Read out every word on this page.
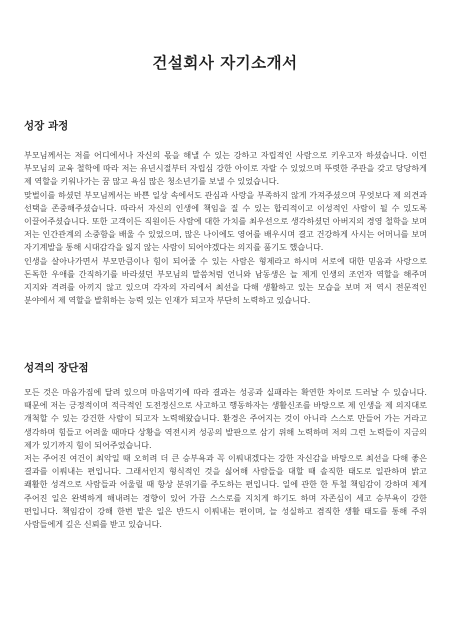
건설회사 자기소개서
성장 과정

부모님께서는 저를 어디에서나 자신의 몫을 해낼 수 있는 강하고 자립적인 사람으로 키우고자 하셨습니다. 이런 부모님의 교육 철학에 따라 저는 유년시절부터 자립심 강한 아이로 자랄 수 있었으며 뚜렷한 주관을 갖고 당당하게 제 역할을 키워나가는 꿈 많고 욕심 많은 청소년기를 보낼 수 있었습니다.

맞벌이를 하셨던 부모님께서는 바쁜 일상 속에서도 관심과 사랑을 부족하지 않게 가져주셨으며 무엇보다 제 의견과 선택을 존중해주셨습니다. 따라서 자신의 인생에 책임을 질 수 있는 합리적이고 이성적인 사람이 될 수 있도록 이끌어주셨습니다. 또한 고객이든 직원이든 사람에 대한 가치를 최우선으로 생각하셨던 아버지의 경영 철학을 보며 저는 인간관계의 소중함을 배울 수 있었으며, 많은 나이에도 영어를 배우시며 결고 건강하게 사시는 어머니를 보며 자기계발을 통해 시대감각을 잃지 않는 사람이 되어야겠다는 의지를 품기도 했습니다.

인생을 살아나가면서 부모만큼이나 힘이 되어줄 수 있는 사람은 형제라고 하시며 서로에 대한 믿음과 사랑으로 돈독한 우애를 간직하기를 바라셨던 부모님의 말씀처럼 언니와 남동생은 늘 제게 인생의 조언자 역할을 해주며 지지와 격려를 아끼지 않고 있으며 각자의 자리에서 최선을 다해 생활하고 있는 모습을 보며 저 역시 전문적인 분야에서 제 역할을 발휘하는 능력 있는 인재가 되고자 부단히 노력하고 있습니다.

성격의 장단점

모든 것은 마음가짐에 달려 있으며 마음먹기에 따라 결과는 성공과 실패라는 확연한 차이로 드러날 수 있습니다. 때문에 저는 긍정적이며 적극적인 도전정신으로 사고하고 행동하자는 생활신조를 바탕으로 제 인생을 제 의지대로 개척할 수 있는 강건한 사람이 되고자 노력해왔습니다. 환경은 주어지는 것이 아니라 스스로 만들어 가는 거라고 생각하며 힘들고 어려울 때마다 상황을 역전시켜 성공의 발판으로 삼기 위해 노력하며 저의 그런 노력들이 지금의 제가 있기까지 힘이 되어주었습니다.

저는 주어진 여건이 최악일 때 오히려 더 큰 승부욕과 꼭 이뤄내겠다는 강한 자신감을 바탕으로 최선을 다해 좋은 결과를 이뤄내는 편입니다. 그래서인지 형식적인 것을 싫어해 사람들을 대할 때 솔직한 태도로 일관하며 밝고 쾌활한 성격으로 사람들과 어울릴 때 항상 분위기를 주도하는 편입니다. 일에 관한 한 투철 책임감이 강하며 제게 주어진 일은 완벽하게 해내려는 경향이 있어 가끔 스스로를 지치게 하기도 하며 자존심이 세고 승부욕이 강한 편입니다. 책임감이 강해 한번 맡은 일은 반드시 이뤄내는 편이며, 늘 성실하고 겸직한 생활 태도를 통해 주위 사람들에게 깊은 신뢰를 받고 있습니다.
